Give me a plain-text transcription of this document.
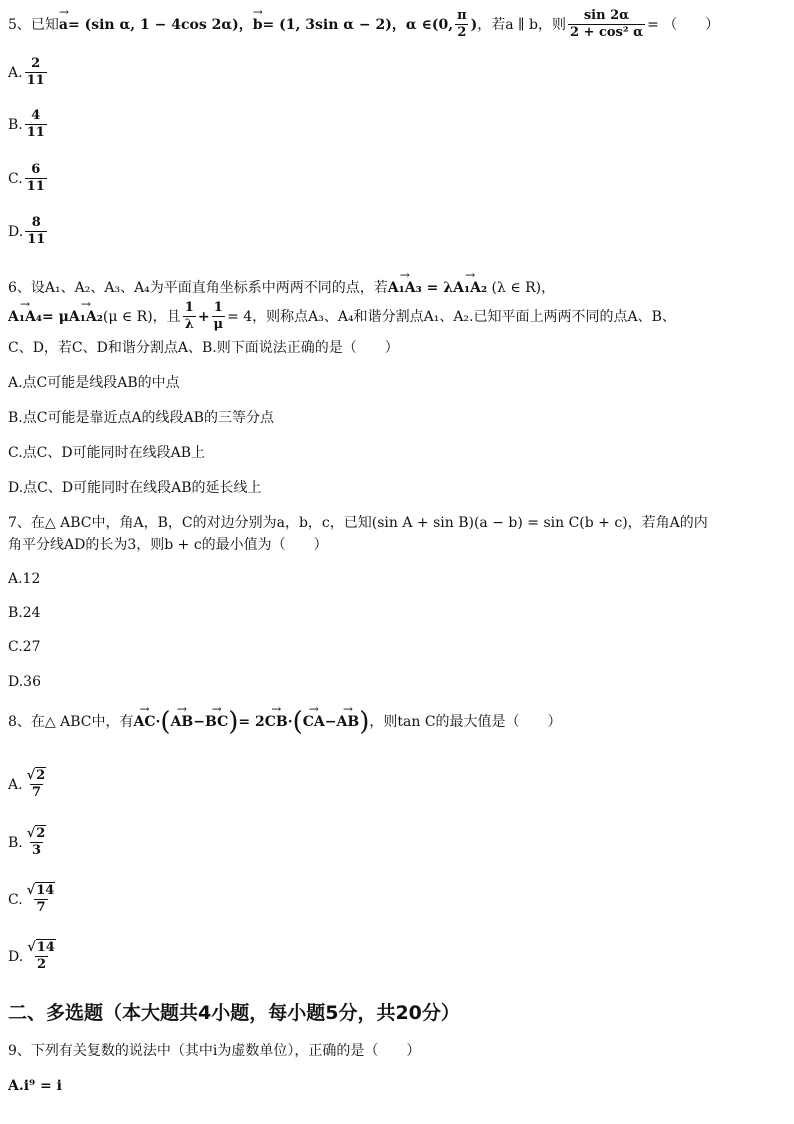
5、已知 → a = (sin α, 1 − 4cos 2α)， → b = (1, 3sin α − 2)，α ∈ (0, $\frac{\pi}{2}$ ) ，若a ∥ b，则 $\frac{\sin 2\alpha}{\text{2 + cos² α}}$ = （　　）
A. $\frac{2}{11}$
B. $\frac{4}{11}$
C. $\frac{6}{11}$
D. $\frac{8}{11}$
6、设A₁、A₂、A₃、A₄为平面直角坐标系中两两不同的点，若→ A₁A₃ = λ→ A₁A₂ (λ ∈ R)，
→ A₁A₄ = μ → A₁A₂ (μ ∈ R)，且 $\frac{1}{\lambda} + \frac{1}{\mu} = 4$，则称点A₃、A₄和谐分割点A₁、A₂.已知平面上两两不同的点A、B、
C、D，若C、D和谐分割点A、B.则下面说法正确的是（　　）
A.点C可能是线段AB的中点
B.点C可能是靠近点A的线段AB的三等分点
C.点C、D可能同时在线段AB上
D.点C、D可能同时在线段AB的延长线上
7、在△ ABC中，角A，B，C的对边分别为a，b，c，已知(sin A + sin B)(a − b) = sin C(b + c)，若角A的内
角平分线AD的长为3，则b + c的最小值为（　　）
A.12
B.24
C.27
D.36
8、在△ ABC中，有 → AC · ( → AB − → BC ) = 2 → CB · ( → CA − → AB ) ，则tan C的最大值是（　　）
A. $\frac{√2}{7}$
B. $\frac{√2}{3}$
C. $\frac{√14}{7}$
D. $\frac{√14}{2}$
二、多选题（本大题共4小题，每小题5分，共20分）
9、下列有关复数的说法中（其中i为虚数单位），正确的是（　　）
A.i⁹ = i
